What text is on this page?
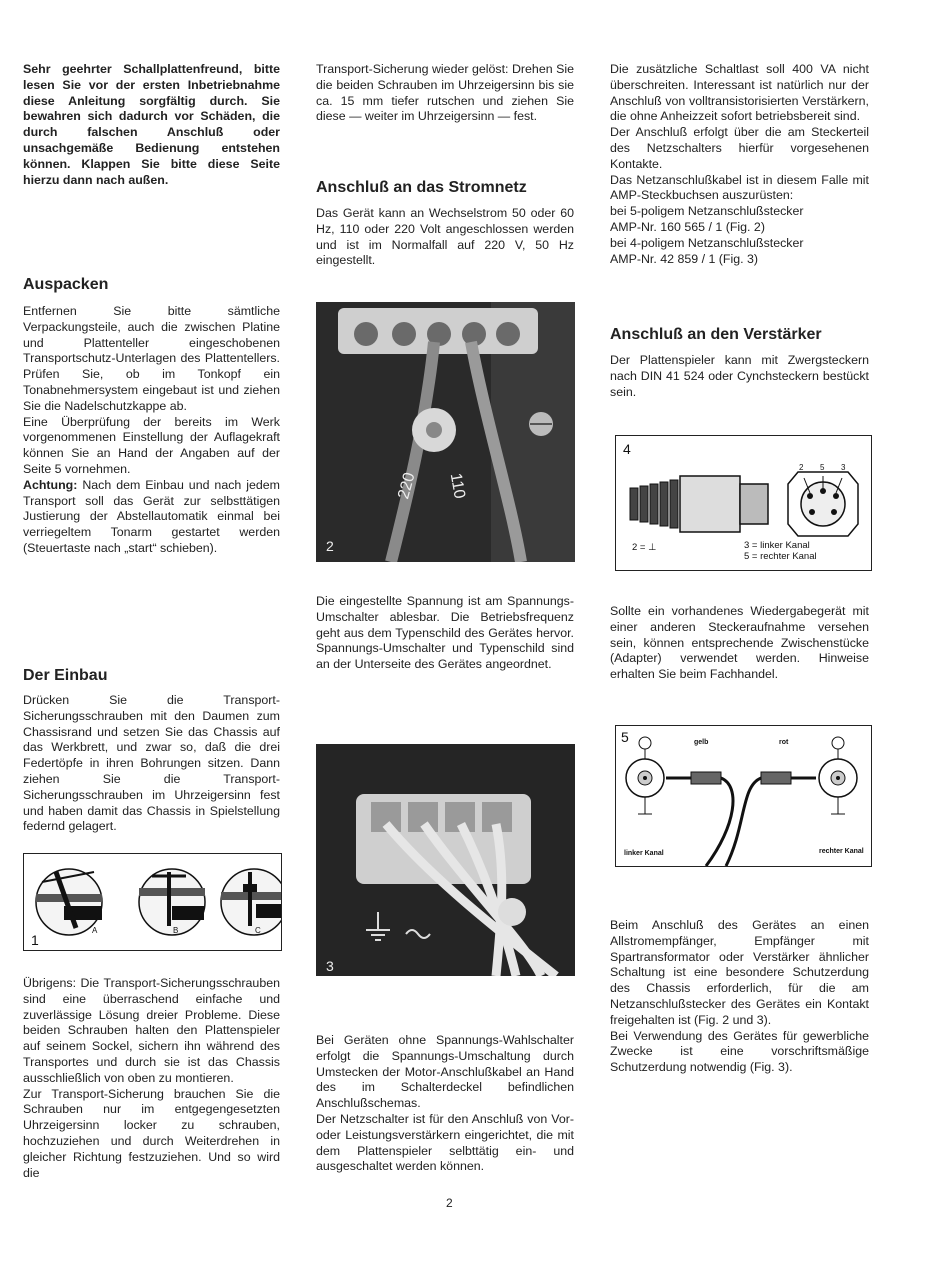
Sehr geehrter Schallplattenfreund, bitte lesen Sie vor der ersten Inbetriebnahme diese Anleitung sorgfältig durch. Sie bewahren sich dadurch vor Schäden, die durch falschen Anschluß oder unsachgemäße Bedienung entstehen können. Klappen Sie bitte diese Seite hierzu dann nach außen.

Auspacken

Entfernen Sie bitte sämtliche Verpackungsteile, auch die zwischen Platine und Plattenteller eingeschobenen Transportschutz-Unterlagen des Plattentellers. Prüfen Sie, ob im Tonkopf ein Tonabnehmersystem eingebaut ist und ziehen Sie die Nadelschutzkappe ab.

Eine Überprüfung der bereits im Werk vorgenommenen Einstellung der Auflagekraft können Sie an Hand der Angaben auf der Seite 5 vornehmen.

Achtung: Nach dem Einbau und nach jedem Transport soll das Gerät zur selbsttätigen Justierung der Abstellautomatik einmal bei verriegeltem Tonarm gestartet werden (Steuertaste nach „start“ schieben).

Der Einbau

Drücken Sie die Transport-Sicherungsschrauben mit den Daumen zum Chassisrand und setzen Sie das Chassis auf das Werkbrett, und zwar so, daß die drei Federtöpfe in ihren Bohrungen sitzen. Dann ziehen Sie die Transport-Sicherungsschrauben im Uhrzeigersinn fest und haben damit das Chassis in Spielstellung federnd gelagert.

1
A	B	C

Übrigens: Die Transport-Sicherungsschrauben sind eine überraschend einfache und zuverlässige Lösung dreier Probleme. Diese beiden Schrauben halten den Plattenspieler auf seinem Sockel, sichern ihn während des Transportes und durch sie ist das Chassis ausschließlich von oben zu montieren.

Zur Transport-Sicherung brauchen Sie die Schrauben nur im entgegengesetzten Uhrzeigersinn locker zu schrauben, hochzuziehen und durch Weiterdrehen in gleicher Richtung festzuziehen. Und so wird die

Transport-Sicherung wieder gelöst: Drehen Sie die beiden Schrauben im Uhrzeigersinn bis sie ca. 15 mm tiefer rutschen und ziehen Sie diese — weiter im Uhrzeigersinn — fest.

Anschluß an das Stromnetz

Das Gerät kann an Wechselstrom 50 oder 60 Hz, 110 oder 220 Volt angeschlossen werden und ist im Normalfall auf 220 V, 50 Hz eingestellt.

220 110
2

Die eingestellte Spannung ist am Spannungs-Umschalter ablesbar. Die Betriebsfrequenz geht aus dem Typenschild des Gerätes hervor. Spannungs-Umschalter und Typenschild sind an der Unterseite des Gerätes angeordnet.

3

Bei Geräten ohne Spannungs-Wahlschalter erfolgt die Spannungs-Umschaltung durch Umstecken der Motor-Anschlußkabel an Hand des im Schalterdeckel befindlichen Anschlußschemas.

Der Netzschalter ist für den Anschluß von Vor- oder Leistungsverstärkern eingerichtet, die mit dem Plattenspieler selbttätig ein- und ausgeschaltet werden können.

Die zusätzliche Schaltlast soll 400 VA nicht überschreiten. Interessant ist natürlich nur der Anschluß von volltransistorisierten Verstärkern, die ohne Anheizzeit sofort betriebsbereit sind.

Der Anschluß erfolgt über die am Steckerteil des Netzschalters hierfür vorgesehenen Kontakte.

Das Netzanschlußkabel ist in diesem Falle mit AMP-Steckbuchsen auszurüsten:

bei 5-poligem Netzanschlußstecker

AMP-Nr. 160 565 / 1 (Fig. 2)

bei 4-poligem Netzanschlußstecker

AMP-Nr. 42 859 / 1 (Fig. 3)

Anschluß an den Verstärker

Der Plattenspieler kann mit Zwergsteckern nach DIN 41 524 oder Cynchsteckern bestückt sein.

4
2 5 3
2 = ⊥	3 = linker Kanal
5 = rechter Kanal

Sollte ein vorhandenes Wiedergabegerät mit einer anderen Steckeraufnahme versehen sein, können entsprechende Zwischenstücke (Adapter) verwendet werden. Hinweise erhalten Sie beim Fachhandel.

5	gelb	rot
linker Kanal	rechter Kanal

Beim Anschluß des Gerätes an einen Allstromempfänger, Empfänger mit Spartransformator oder Verstärker ähnlicher Schaltung ist eine besondere Schutzerdung des Chassis erforderlich, für die am Netzanschlußstecker des Gerätes ein Kontakt freigehalten ist (Fig. 2 und 3).

Bei Verwendung des Gerätes für gewerbliche Zwecke ist eine vorschriftsmäßige Schutzerdung notwendig (Fig. 3).

2
